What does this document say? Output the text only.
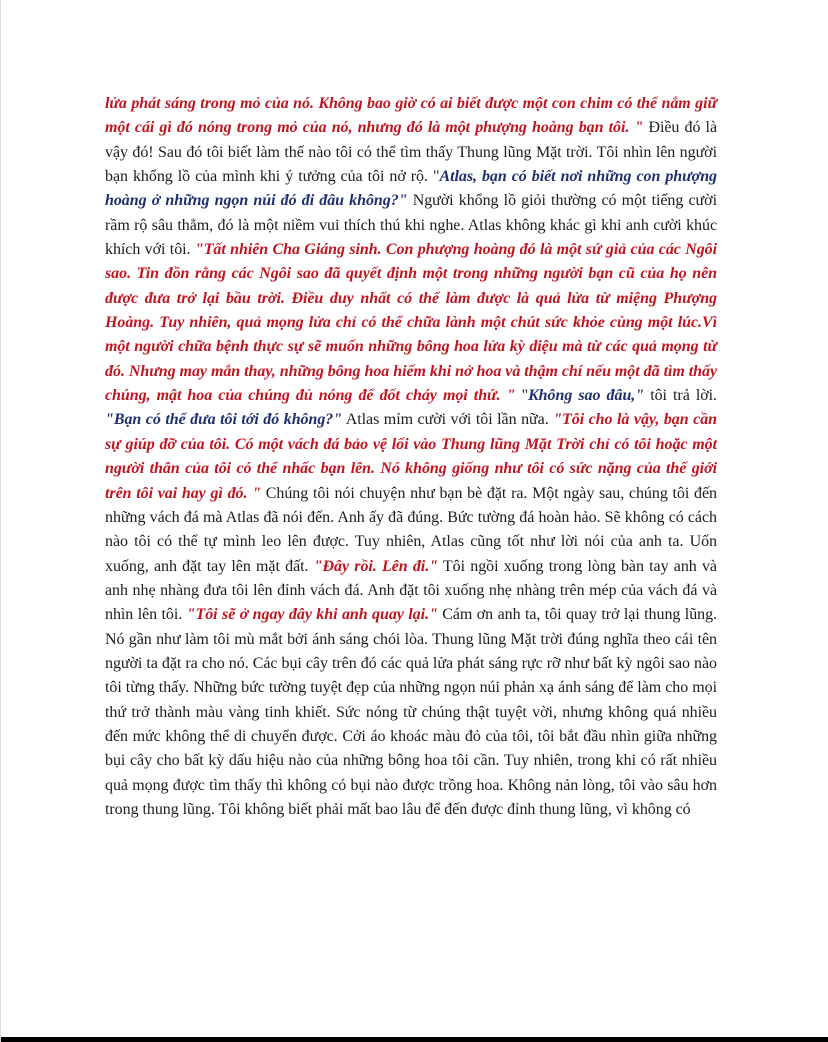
lửa phát sáng trong mỏ của nó. Không bao giờ có ai biết được một con chim có thể nắm giữ một cái gì đó nóng trong mỏ của nó, nhưng đó là một phượng hoàng bạn tôi. " Điều đó là vậy đó! Sau đó tôi biết làm thế nào tôi có thể tìm thấy Thung lũng Mặt trời. Tôi nhìn lên người bạn khổng lồ của mình khi ý tưởng của tôi nở rộ. "Atlas, bạn có biết nơi những con phượng hoàng ở những ngọn núi đó đi đâu không?" Người khổng lồ giỏi thường có một tiếng cười rầm rộ sâu thẳm, đó là một niềm vui thích thú khi nghe. Atlas không khác gì khi anh cười khúc khích với tôi. "Tất nhiên Cha Giáng sinh. Con phượng hoàng đó là một sứ giả của các Ngôi sao. Tin đồn rằng các Ngôi sao đã quyết định một trong những người bạn cũ của họ nên được đưa trở lại bầu trời. Điều duy nhất có thể làm được là quả lửa từ miệng Phượng Hoàng. Tuy nhiên, quả mọng lửa chỉ có thể chữa lành một chút sức khỏe cùng một lúc.Vì một người chữa bệnh thực sự sẽ muốn những bông hoa lửa kỳ diệu mà từ các quả mọng từ đó. Nhưng may mắn thay, những bông hoa hiếm khi nở hoa và thậm chí nếu một đã tìm thấy chúng, mật hoa của chúng đủ nóng để đốt cháy mọi thứ. " "Không sao đâu," tôi trả lời. "Bạn có thể đưa tôi tới đó không?" Atlas mỉm cười với tôi lần nữa. "Tôi cho là vậy, bạn cần sự giúp đỡ của tôi. Có một vách đá bảo vệ lối vào Thung lũng Mặt Trời chỉ có tôi hoặc một người thân của tôi có thể nhấc bạn lên. Nó không giống như tôi có sức nặng của thế giới trên tôi vai hay gì đó. " Chúng tôi nói chuyện như bạn bè đặt ra. Một ngày sau, chúng tôi đến những vách đá mà Atlas đã nói đến. Anh ấy đã đúng. Bức tường đá hoàn hảo. Sẽ không có cách nào tôi có thể tự mình leo lên được. Tuy nhiên, Atlas cũng tốt như lời nói của anh ta. Uốn xuống, anh đặt tay lên mặt đất. "Đây rồi. Lên đi." Tôi ngồi xuống trong lòng bàn tay anh và anh nhẹ nhàng đưa tôi lên đỉnh vách đá. Anh đặt tôi xuống nhẹ nhàng trên mép của vách đá và nhìn lên tôi. "Tôi sẽ ở ngay đây khi anh quay lại." Cám ơn anh ta, tôi quay trở lại thung lũng. Nó gần như làm tôi mù mắt bởi ánh sáng chói lòa. Thung lũng Mặt trời đúng nghĩa theo cái tên người ta đặt ra cho nó. Các bụi cây trên đó các quả lửa phát sáng rực rỡ như bất kỳ ngôi sao nào tôi từng thấy. Những bức tường tuyệt đẹp của những ngọn núi phản xạ ánh sáng để làm cho mọi thứ trở thành màu vàng tinh khiết. Sức nóng từ chúng thật tuyệt vời, nhưng không quá nhiều đến mức không thể di chuyển được. Cởi áo khoác màu đỏ của tôi, tôi bắt đầu nhìn giữa những bụi cây cho bất kỳ dấu hiệu nào của những bông hoa tôi cần. Tuy nhiên, trong khi có rất nhiều quả mọng được tìm thấy thì không có bụi nào được trồng hoa. Không nản lòng, tôi vào sâu hơn trong thung lũng. Tôi không biết phải mất bao lâu để đến được đỉnh thung lũng, vì không có
